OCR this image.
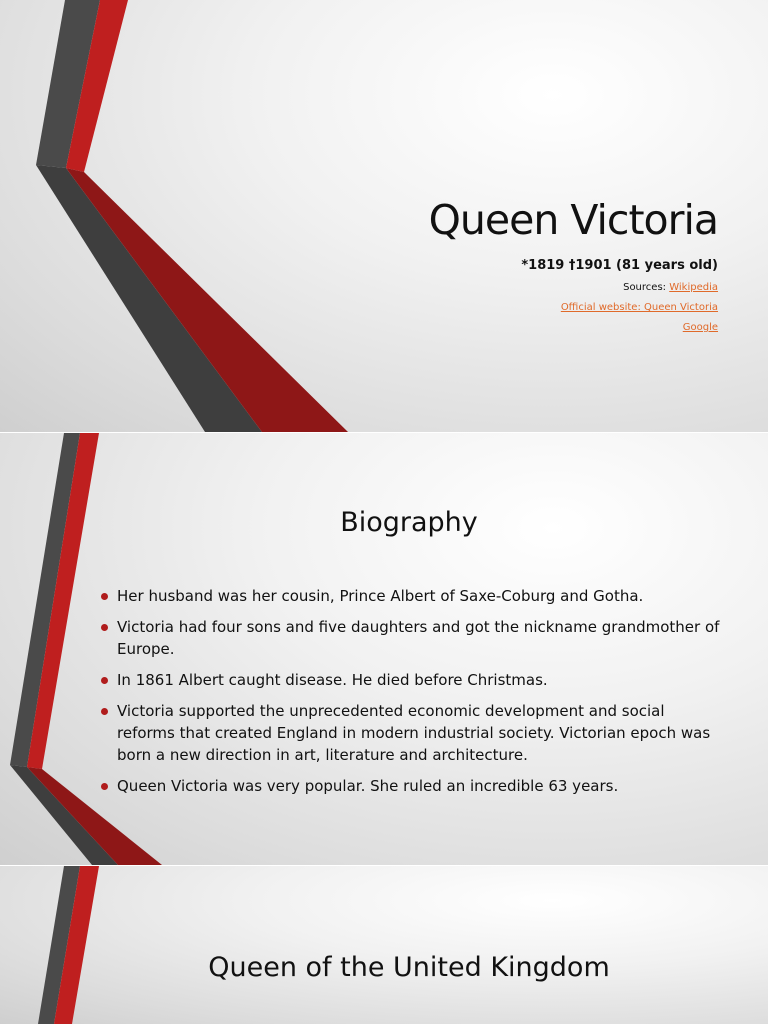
Queen Victoria
*1819 †1901 (81 years old)
Sources: Wikipedia
Official website: Queen Victoria
Google
Biography
Her husband was her cousin, Prince Albert of Saxe-Coburg and Gotha.
Victoria had four sons and five daughters and got the nickname grandmother of Europe.
In 1861 Albert caught disease. He died before Christmas.
Victoria supported the unprecedented economic development and social reforms that created England in modern industrial society. Victorian epoch was born a new direction in art, literature and architecture.
Queen Victoria was very popular. She ruled an incredible 63 years.
Queen of the United Kingdom
